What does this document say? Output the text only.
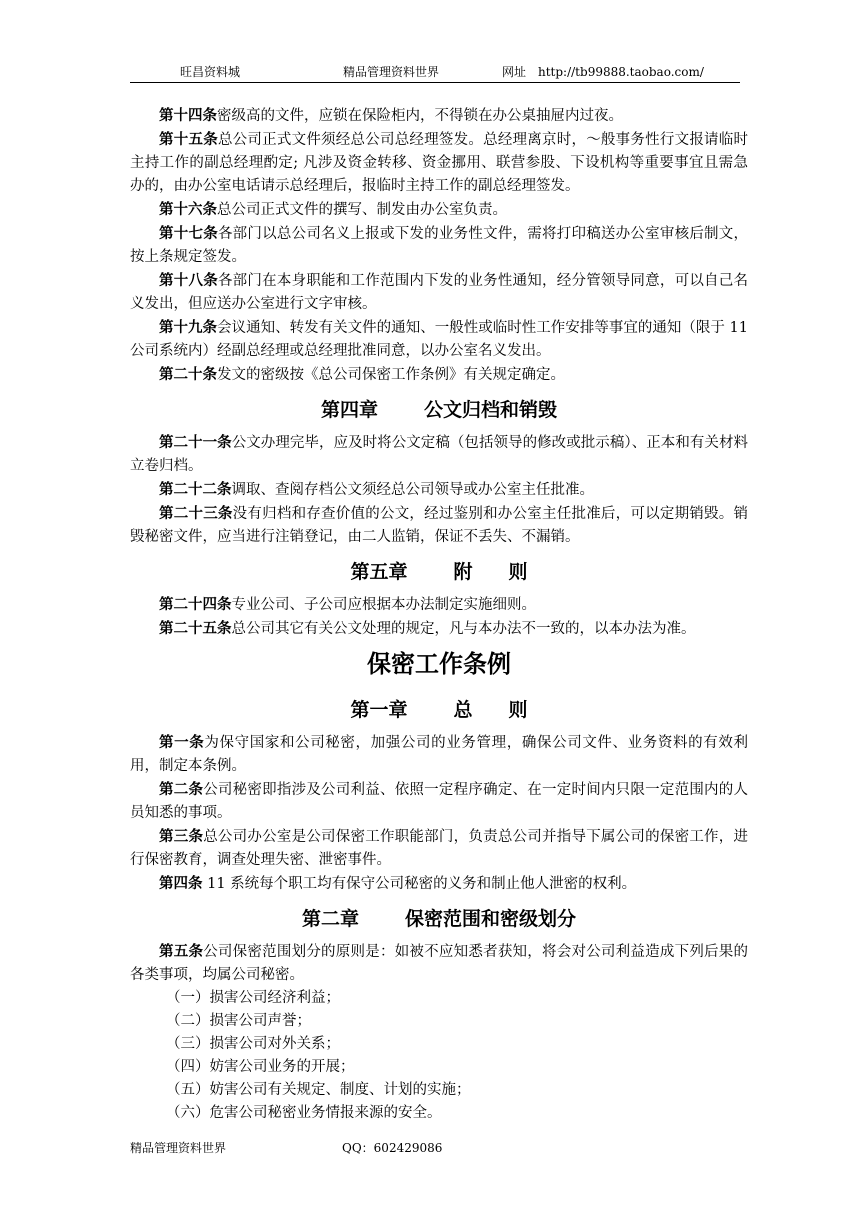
旺昌资料城	精品管理资料世界	网址　http://tb99888.taobao.com/

第十四条密级高的文件，应锁在保险柜内，不得锁在办公桌抽屉内过夜。

第十五条总公司正式文件须经总公司总经理签发。总经理离京时，～般事务性行文报请临时主持工作的副总经理酌定; 凡涉及资金转移、资金挪用、联营参股、下设机构等重要事宜且需急办的，由办公室电话请示总经理后，报临时主持工作的副总经理签发。

第十六条总公司正式文件的撰写、制发由办公室负责。

第十七条各部门以总公司名义上报或下发的业务性文件，需将打印稿送办公室审核后制文，按上条规定签发。

第十八条各部门在本身职能和工作范围内下发的业务性通知，经分管领导同意，可以自己名义发出，但应送办公室进行文字审核。

第十九条会议通知、转发有关文件的通知、一般性或临时性工作安排等事宜的通知（限于 11 公司系统内）经副总经理或总经理批准同意，以办公室名义发出。

第二十条发文的密级按《总公司保密工作条例》有关规定确定。

第四章 公文归档和销毁

第二十一条公文办理完毕，应及时将公文定稿（包括领导的修改或批示稿）、正本和有关材料立卷归档。

第二十二条调取、查阅存档公文须经总公司领导或办公室主任批准。

第二十三条没有归档和存查价值的公文，经过鉴别和办公室主任批准后，可以定期销毁。销毁秘密文件，应当进行注销登记，由二人监销，保证不丢失、不漏销。

第五章 附 则

第二十四条专业公司、子公司应根据本办法制定实施细则。

第二十五条总公司其它有关公文处理的规定，凡与本办法不一致的，以本办法为准。

保密工作条例
第一章 总 则

第一条为保守国家和公司秘密，加强公司的业务管理，确保公司文件、业务资料的有效利用，制定本条例。

第二条公司秘密即指涉及公司利益、依照一定程序确定、在一定时间内只限一定范围内的人员知悉的事项。

第三条总公司办公室是公司保密工作职能部门，负责总公司并指导下属公司的保密工作，进行保密教育，调查处理失密、泄密事件。

第四条 11 系统每个职工均有保守公司秘密的义务和制止他人泄密的权利。

第二章 保密范围和密级划分

第五条公司保密范围划分的原则是：如被不应知悉者获知，将会对公司利益造成下列后果的各类事项，均属公司秘密。

（一）损害公司经济利益；

（二）损害公司声誉；

（三）损害公司对外关系；

（四）妨害公司业务的开展；

（五）妨害公司有关规定、制度、计划的实施；

（六）危害公司秘密业务情报来源的安全。

精品管理资料世界	QQ：602429086
